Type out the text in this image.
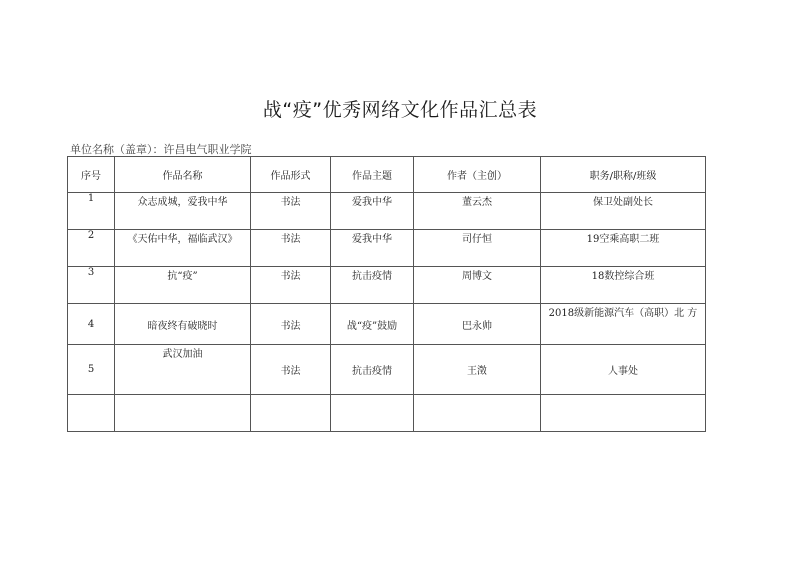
战“疫”优秀网络文化作品汇总表
单位名称（盖章）：许昌电气职业学院
序号	作品名称	作品形式	作品主题	作者（主创）	职务/职称/班级
1	众志成城，爱我中华	书法	爱我中华	董云杰	保卫处副处长
2	《天佑中华，福临武汉》	书法	爱我中华	司仔恒	19空乘高职二班
3	抗“疫”	书法	抗击疫情	周博文	18数控综合班
4	暗夜终有破晓时	书法	战“疫”鼓励	巴永帅	2018级新能源汽车（高职）北 方
5	武汉加油	书法	抗击疫情	王澂	人事处
